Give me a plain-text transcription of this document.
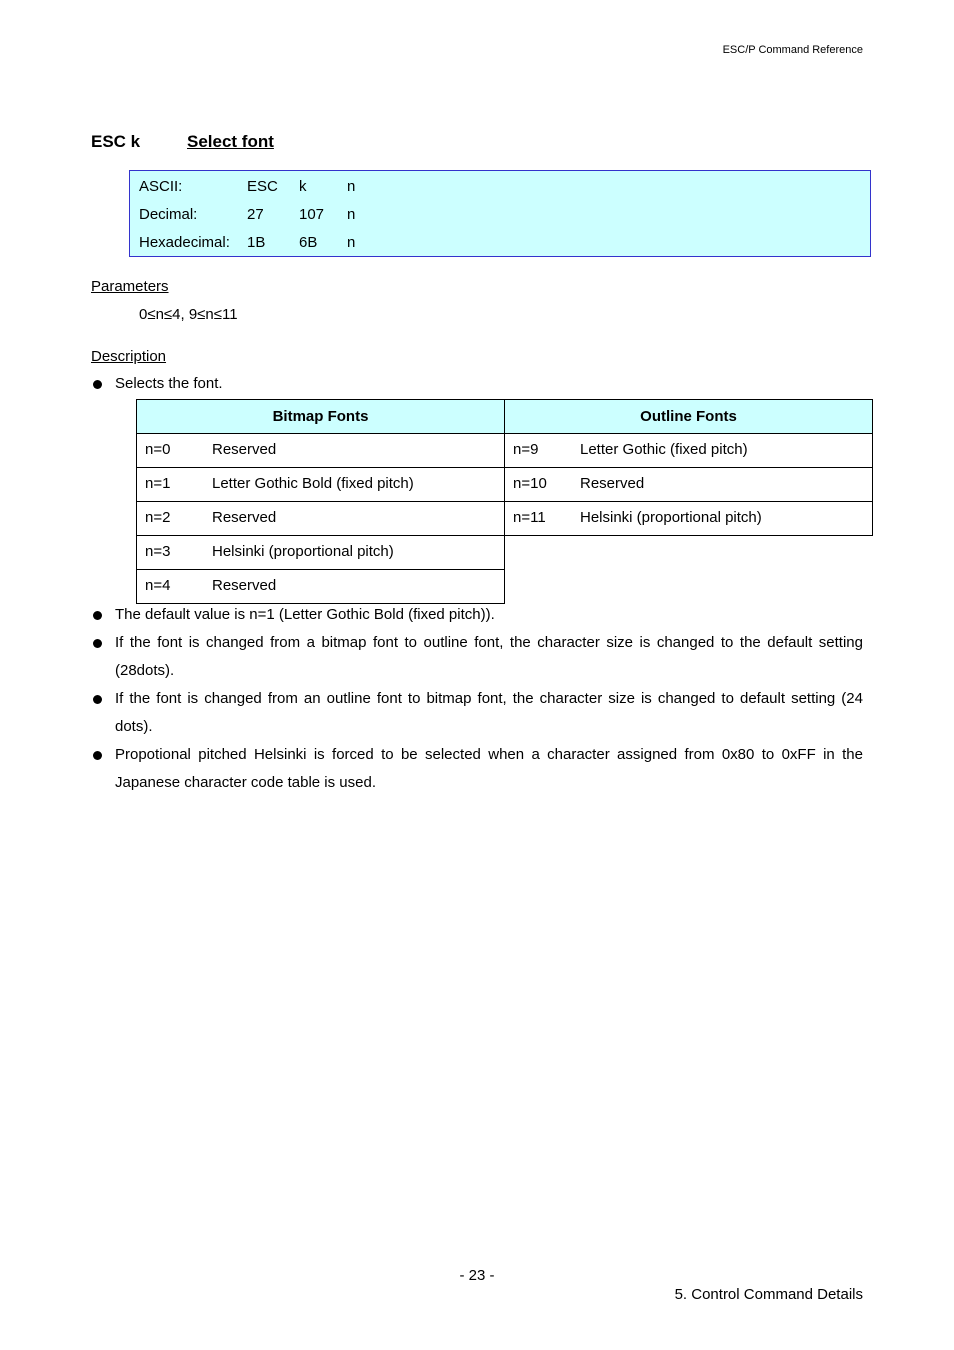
ESC/P Command Reference
ESC k	Select font
ASCII:	ESC k	n
Decimal:	27 107 n
Hexadecimal: 1B 6B n
Parameters
0≤n≤4, 9≤n≤11
Description
Selects the font.
Bitmap Fonts	Outline Fonts

n=0 Reserved	n=9 Letter Gothic (fixed pitch)

n=1 Letter Gothic Bold (fixed pitch)	n=10 Reserved

n=2 Reserved	n=11 Helsinki (proportional pitch)

n=3 Helsinki (proportional pitch)	

n=4 Reserved	

The default value is n=1 (Letter Gothic Bold (fixed pitch)).
If the font is changed from a bitmap font to outline font, the character size is changed to the default setting (28dots).
If the font is changed from an outline font to bitmap font, the character size is changed to default setting (24 dots).
Propotional pitched Helsinki is forced to be selected when a character assigned from 0x80 to 0xFF in the Japanese character code table is used.
- 23 -
5. Control Command Details
